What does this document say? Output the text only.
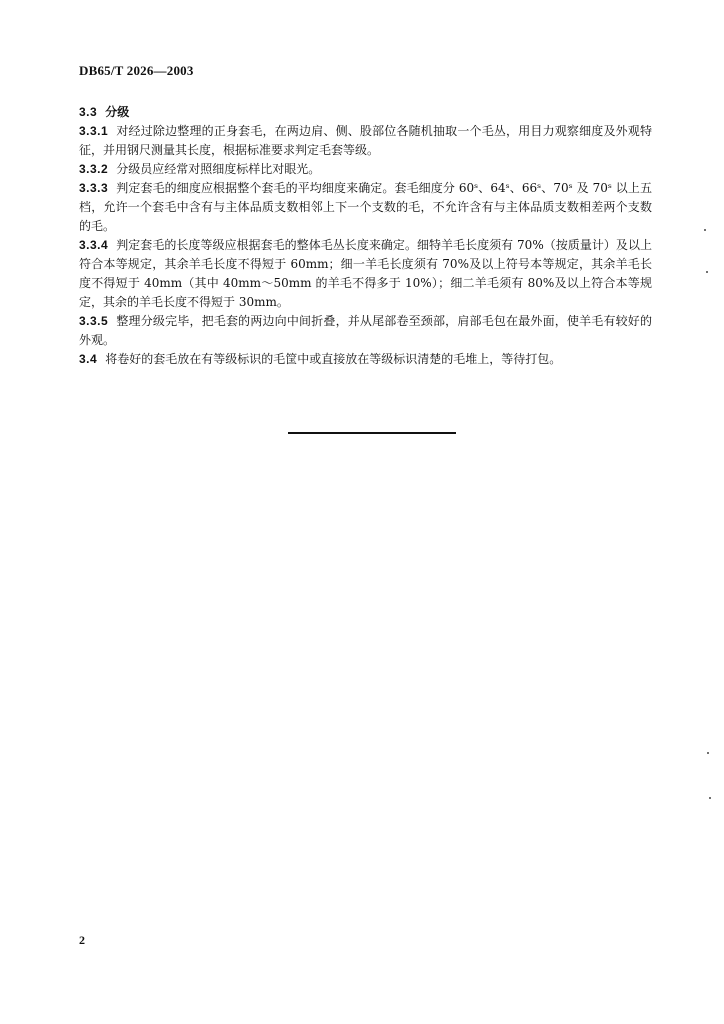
DB65/T 2026—2003

3.3 分级

3.3.1 对经过除边整理的正身套毛，在两边肩、侧、股部位各随机抽取一个毛丛，用目力观察细度及外观特征，并用钢尺测量其长度，根据标准要求判定毛套等级。

3.3.2 分级员应经常对照细度标样比对眼光。

3.3.3 判定套毛的细度应根据整个套毛的平均细度来确定。套毛细度分 60ˢ、64ˢ、66ˢ、70ˢ 及 70ˢ 以上五档，允许一个套毛中含有与主体品质支数相邻上下一个支数的毛，不允许含有与主体品质支数相差两个支数的毛。

3.3.4 判定套毛的长度等级应根据套毛的整体毛丛长度来确定。细特羊毛长度须有 70%（按质量计）及以上符合本等规定，其余羊毛长度不得短于 60mm；细一羊毛长度须有 70%及以上符号本等规定，其余羊毛长度不得短于 40mm（其中 40mm～50mm 的羊毛不得多于 10%）；细二羊毛须有 80%及以上符合本等规定，其余的羊毛长度不得短于 30mm。

3.3.5 整理分级完毕，把毛套的两边向中间折叠，并从尾部卷至颈部，肩部毛包在最外面，使羊毛有较好的外观。

3.4 将卷好的套毛放在有等级标识的毛筐中或直接放在等级标识清楚的毛堆上，等待打包。

2
